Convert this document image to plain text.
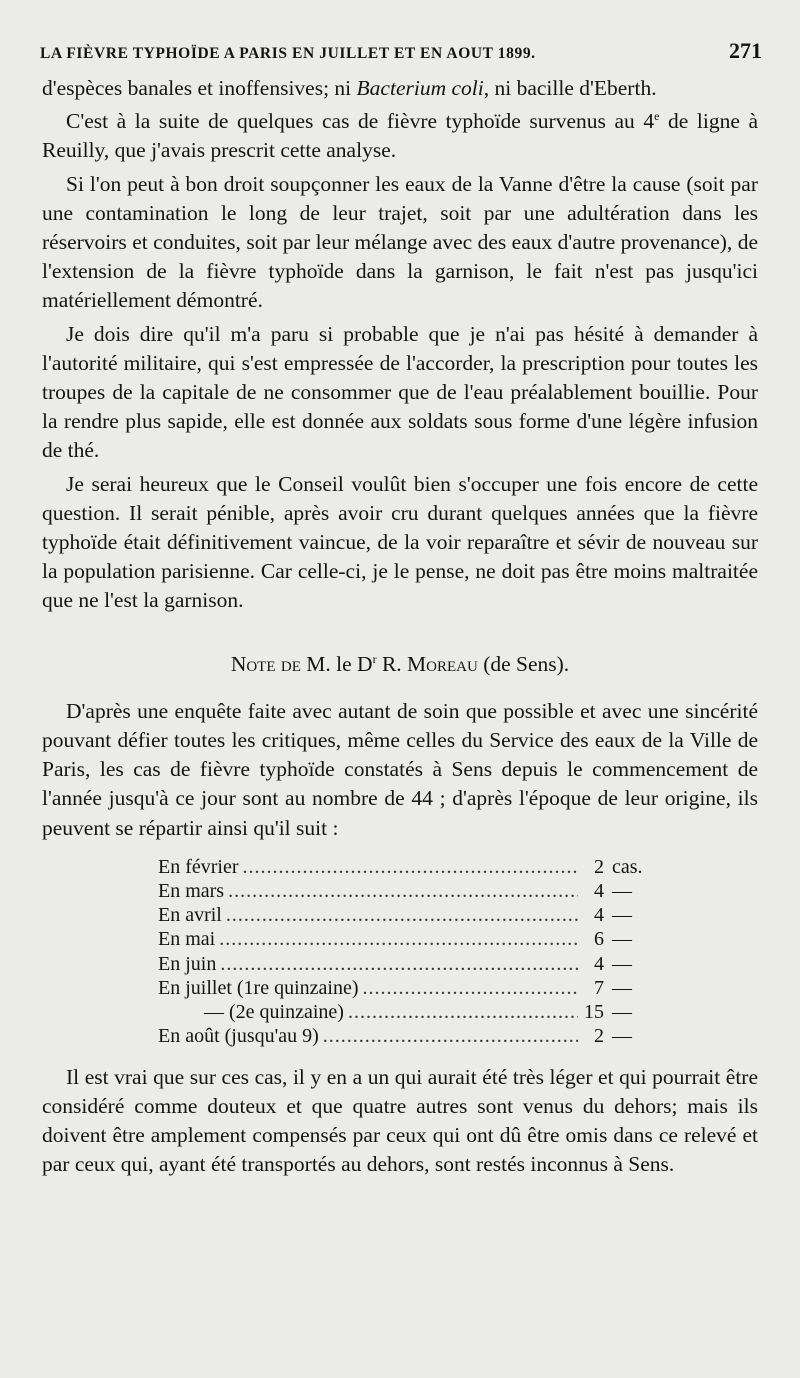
LA FIÈVRE TYPHOÏDE A PARIS EN JUILLET ET EN AOUT 1899.	271

d'espèces banales et inoffensives; ni Bacterium coli, ni bacille d'Eberth.

C'est à la suite de quelques cas de fièvre typhoïde survenus au 4e de ligne à Reuilly, que j'avais prescrit cette analyse.

Si l'on peut à bon droit soupçonner les eaux de la Vanne d'être la cause (soit par une contamination le long de leur trajet, soit par une adultération dans les réservoirs et conduites, soit par leur mélange avec des eaux d'autre provenance), de l'extension de la fièvre typhoïde dans la garnison, le fait n'est pas jusqu'ici matériellement démontré.

Je dois dire qu'il m'a paru si probable que je n'ai pas hésité à demander à l'autorité militaire, qui s'est empressée de l'accorder, la prescription pour toutes les troupes de la capitale de ne consommer que de l'eau préalablement bouillie. Pour la rendre plus sapide, elle est donnée aux soldats sous forme d'une légère infusion de thé.

Je serai heureux que le Conseil voulût bien s'occuper une fois encore de cette question. Il serait pénible, après avoir cru durant quelques années que la fièvre typhoïde était définitivement vaincue, de la voir reparaître et sévir de nouveau sur la population parisienne. Car celle-ci, je le pense, ne doit pas être moins maltraitée que ne l'est la garnison.

Note de M. le $D^r$ R. Moreau (de Sens).

D'après une enquête faite avec autant de soin que possible et avec une sincérité pouvant défier toutes les critiques, même celles du Service des eaux de la Ville de Paris, les cas de fièvre typhoïde constatés à Sens depuis le commencement de l'année jusqu'à ce jour sont au nombre de 44 ; d'après l'époque de leur origine, ils peuvent se répartir ainsi qu'il suit :

En février .....	2 cas.
En mars .....	4 —
En avril .....	4 —
En mai .....	6 —
En juin .....	4 —
En juillet (1re quinzaine) .....	7 —
— (2e quinzaine) .....	15 —
En août (jusqu'au 9) .....	2 —

Il est vrai que sur ces cas, il y en a un qui aurait été très léger et qui pourrait être considéré comme douteux et que quatre autres sont venus du dehors; mais ils doivent être amplement compensés par ceux qui ont dû être omis dans ce relevé et par ceux qui, ayant été transportés au dehors, sont restés inconnus à Sens.
